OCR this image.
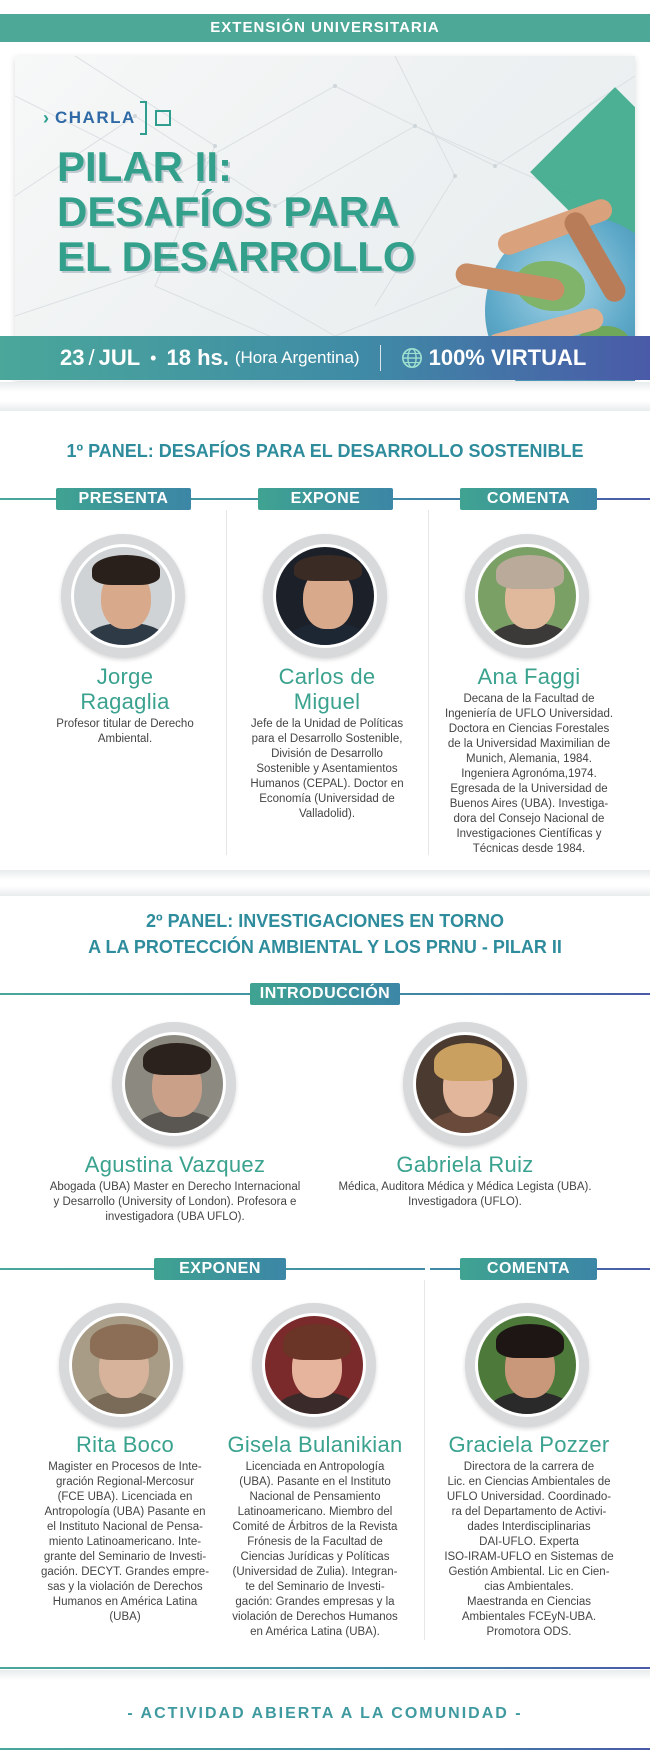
EXTENSIÓN UNIVERSITARIA
› CHARLA
PILAR II:
DESAFÍOS PARA
EL DESARROLLO
23 / JUL • 18 hs. (Hora Argentina)	100% VIRTUAL
1º PANEL: DESAFÍOS PARA EL DESARROLLO SOSTENIBLE
PRESENTA	EXPONE	COMENTA
Jorge
Ragaglia
Profesor titular de Derecho
Ambiental.
Carlos de
Miguel
Jefe de la Unidad de Políticas
para el Desarrollo Sostenible,
División de Desarrollo
Sostenible y Asentamientos
Humanos (CEPAL). Doctor en
Economía (Universidad de
Valladolid).
Ana Faggi
Decana de la Facultad de
Ingeniería de UFLO Universidad.
Doctora en Ciencias Forestales
de la Universidad Maximilian de
Munich, Alemania, 1984.
Ingeniera Agronóma,1974.
Egresada de la Universidad de
Buenos Aires (UBA). Investiga-
dora del Consejo Nacional de
Investigaciones Científicas y
Técnicas desde 1984.
2º PANEL: INVESTIGACIONES EN TORNO
A LA PROTECCIÓN AMBIENTAL Y LOS PRNU - PILAR II
INTRODUCCIÓN
Agustina Vazquez
Abogada (UBA) Master en Derecho Internacional
y Desarrollo (University of London). Profesora e
investigadora (UBA UFLO).
Gabriela Ruiz
Médica, Auditora Médica y Médica Legista (UBA).
Investigadora (UFLO).
EXPONEN	COMENTA
Rita Boco
Magister en Procesos de Inte-
gración Regional-Mercosur
(FCE UBA). Licenciada en
Antropología (UBA) Pasante en
el Instituto Nacional de Pensa-
miento Latinoamericano. Inte-
grante del Seminario de Investi-
gación. DECYT. Grandes empre-
sas y la violación de Derechos
Humanos en América Latina
(UBA)
Gisela Bulanikian
Licenciada en Antropología
(UBA). Pasante en el Instituto
Nacional de Pensamiento
Latinoamericano. Miembro del
Comité de Árbitros de la Revista
Frónesis de la Facultad de
Ciencias Jurídicas y Políticas
(Universidad de Zulia). Integran-
te del Seminario de Investi-
gación: Grandes empresas y la
violación de Derechos Humanos
en América Latina (UBA).
Graciela Pozzer
Directora de la carrera de
Lic. en Ciencias Ambientales de
UFLO Universidad. Coordinado-
ra del Departamento de Activi-
dades Interdisciplinarias
DAI-UFLO. Experta
ISO-IRAM-UFLO en Sistemas de
Gestión Ambiental. Lic en Cien-
cias Ambientales.
Maestranda en Ciencias
Ambientales FCEyN-UBA.
Promotora ODS.
- ACTIVIDAD ABIERTA A LA COMUNIDAD -
